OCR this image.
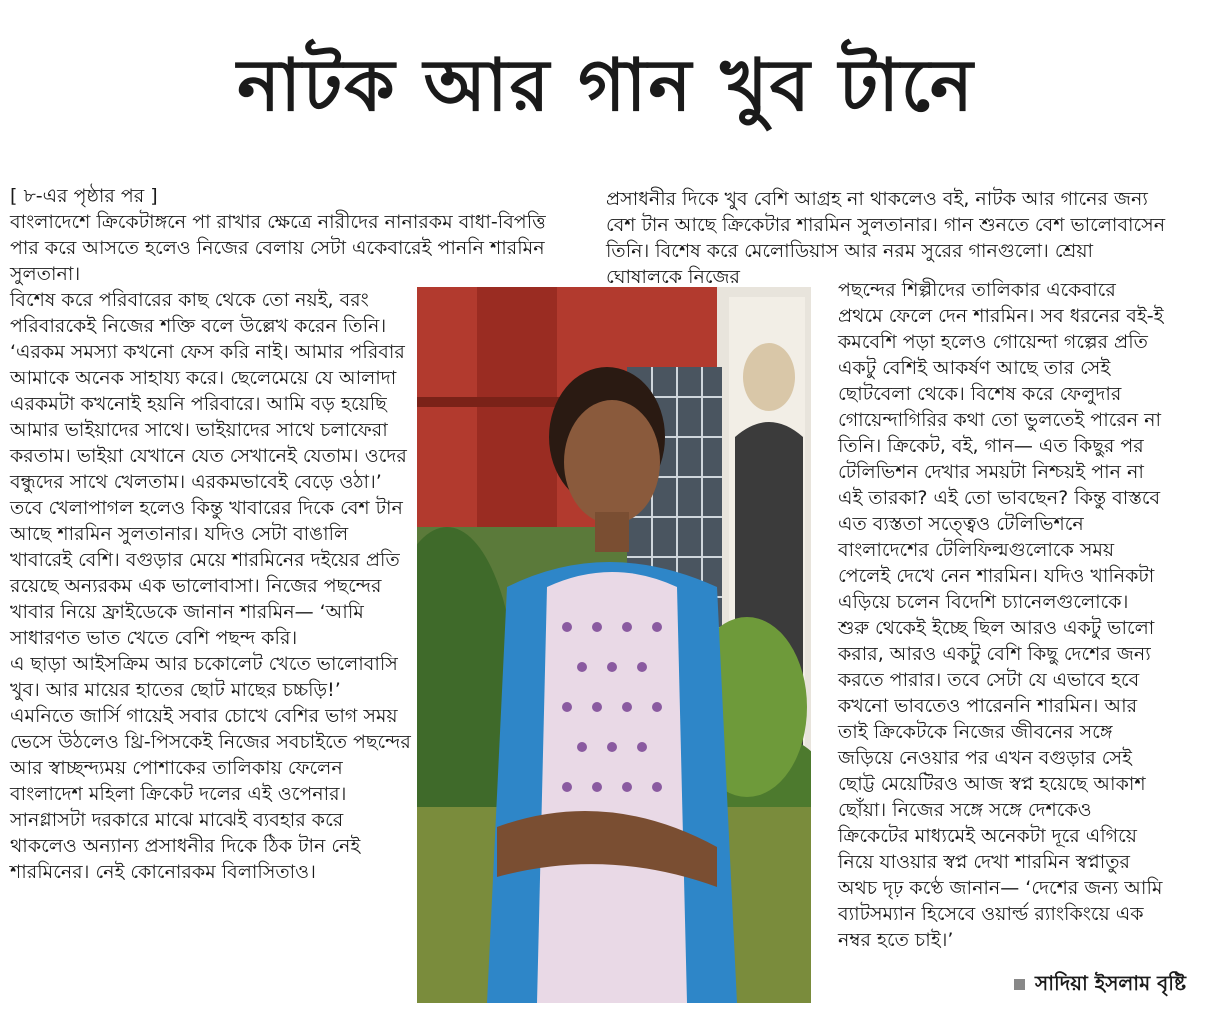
নাটক আর গান খুব টানে

[ ৮-এর পৃষ্ঠার পর ]

বাংলাদেশে ক্রিকেটাঙ্গনে পা রাখার ক্ষেত্রে নারীদের নানারকম বাধা-বিপত্তি পার করে আসতে হলেও নিজের বেলায় সেটা একেবারেই পাননি শারমিন সুলতানা।

বিশেষ করে পরিবারের কাছ থেকে তো নয়ই, বরং পরিবারকেই নিজের শক্তি বলে উল্লেখ করেন তিনি। ‘এরকম সমস্যা কখনো ফেস করি নাই। আমার পরিবার আমাকে অনেক সাহায্য করে। ছেলেমেয়ে যে আলাদা এরকমটা কখনোই হয়নি পরিবারে। আমি বড় হয়েছি আমার ভাইয়াদের সাথে। ভাইয়াদের সাথে চলাফেরা করতাম। ভাইয়া যেখানে যেত সেখানেই যেতাম। ওদের বন্ধুদের সাথে খেলতাম। এরকমভাবেই বেড়ে ওঠা।’ তবে খেলাপাগল হলেও কিন্তু খাবারের দিকে বেশ টান আছে শারমিন সুলতানার। যদিও সেটা বাঙালি খাবারেই বেশি। বগুড়ার মেয়ে শারমিনের দইয়ের প্রতি রয়েছে অন্যরকম এক ভালোবাসা। নিজের পছন্দের খাবার নিয়ে ফ্রাইডেকে জানান শারমিন— ‘আমি সাধারণত ভাত খেতে বেশি পছন্দ করি।

এ ছাড়া আইসক্রিম আর চকোলেট খেতে ভালোবাসি খুব। আর মায়ের হাতের ছোট মাছের চচ্চড়ি!’

এমনিতে জার্সি গায়েই সবার চোখে বেশির ভাগ সময় ভেসে উঠলেও থ্রি-পিসকেই নিজের সবচাইতে পছন্দের আর স্বাচ্ছন্দ্যময় পোশাকের তালিকায় ফেলেন বাংলাদেশ মহিলা ক্রিকেট দলের এই ওপেনার। সানগ্লাসটা দরকারে মাঝে মাঝেই ব্যবহার করে থাকলেও অন্যান্য প্রসাধনীর দিকে ঠিক টান নেই শারমিনের। নেই কোনোরকম বিলাসিতাও।

প্রসাধনীর দিকে খুব বেশি আগ্রহ না থাকলেও বই, নাটক আর গানের জন্য বেশ টান আছে ক্রিকেটার শারমিন সুলতানার। গান শুনতে বেশ ভালোবাসেন তিনি। বিশেষ করে মেলোডিয়াস আর নরম সুরের গানগুলো। শ্রেয়া ঘোষালকে নিজের

পছন্দের শিল্পীদের তালিকার একেবারে প্রথমে ফেলে দেন শারমিন। সব ধরনের বই-ই কমবেশি পড়া হলেও গোয়েন্দা গল্পের প্রতি একটু বেশিই আকর্ষণ আছে তার সেই ছোটবেলা থেকে। বিশেষ করে ফেলুদার গোয়েন্দাগিরির কথা তো ভুলতেই পারেন না তিনি। ক্রিকেট, বই, গান— এত কিছুর পর টেলিভিশন দেখার সময়টা নিশ্চয়ই পান না এই তারকা? এই তো ভাবছেন? কিন্তু বাস্তবে এত ব্যস্ততা সত্ত্বেও টেলিভিশনে বাংলাদেশের টেলিফিল্মগুলোকে সময় পেলেই দেখে নেন শারমিন। যদিও খানিকটা এড়িয়ে চলেন বিদেশি চ্যানেলগুলোকে।

শুরু থেকেই ইচ্ছে ছিল আরও একটু ভালো করার, আরও একটু বেশি কিছু দেশের জন্য করতে পারার। তবে সেটা যে এভাবে হবে কখনো ভাবতেও পারেননি শারমিন। আর তাই ক্রিকেটকে নিজের জীবনের সঙ্গে জড়িয়ে নেওয়ার পর এখন বগুড়ার সেই ছোট্ট মেয়েটিরও আজ স্বপ্ন হয়েছে আকাশ ছোঁয়া। নিজের সঙ্গে সঙ্গে দেশকেও ক্রিকেটের মাধ্যমেই অনেকটা দূরে এগিয়ে নিয়ে যাওয়ার স্বপ্ন দেখা শারমিন স্বপ্নাতুর অথচ দৃঢ় কণ্ঠে জানান— ‘দেশের জন্য আমি ব্যাটসম্যান হিসেবে ওয়ার্ল্ড র‍্যাংকিংয়ে এক নম্বর হতে চাই।’

সাদিয়া ইসলাম বৃষ্টি
